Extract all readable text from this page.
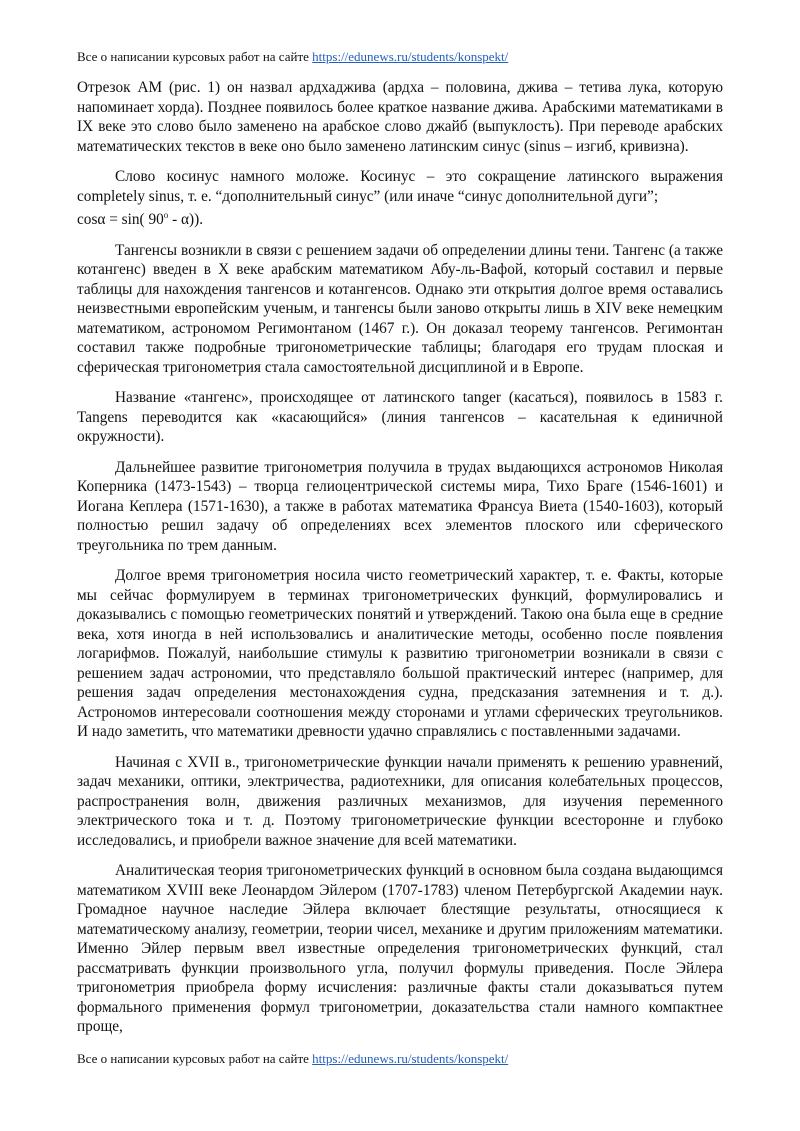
Все о написании курсовых работ на сайте https://edunews.ru/students/konspekt/

Отрезок АМ (рис. 1) он назвал ардхаджива (ардха – половина, джива – тетива лука, которую напоминает хорда). Позднее появилось более краткое название джива. Арабскими математиками в IX веке это слово было заменено на арабское слово джайб (выпуклость). При переводе арабских математических текстов в веке оно было заменено латинским синус (sinus – изгиб, кривизна).

Слово косинус намного моложе. Косинус – это сокращение латинского выражения completely sinus, т. е. “дополнительный синус” (или иначе “синус дополнительной дуги”;
cosα = sin( 90$^o$ - α)).

Тангенсы возникли в связи с решением задачи об определении длины тени. Тангенс (а также котангенс) введен в X веке арабским математиком Абу-ль-Вафой, который составил и первые таблицы для нахождения тангенсов и котангенсов. Однако эти открытия долгое время оставались неизвестными европейским ученым, и тангенсы были заново открыты лишь в XIV веке немецким математиком, астрономом Регимонтаном (1467 г.). Он доказал теорему тангенсов. Регимонтан составил также подробные тригонометрические таблицы; благодаря его трудам плоская и сферическая тригонометрия стала самостоятельной дисциплиной и в Европе.

Название «тангенс», происходящее от латинского tanger (касаться), появилось в 1583 г. Tangens переводится как «касающийся» (линия тангенсов – касательная к единичной окружности).

Дальнейшее развитие тригонометрия получила в трудах выдающихся астрономов Николая Коперника (1473-1543) – творца гелиоцентрической системы мира, Тихо Браге (1546-1601) и Иогана Кеплера (1571-1630), а также в работах математика Франсуа Виета (1540-1603), который полностью решил задачу об определениях всех элементов плоского или сферического треугольника по трем данным.

Долгое время тригонометрия носила чисто геометрический характер, т. е. Факты, которые мы сейчас формулируем в терминах тригонометрических функций, формулировались и доказывались с помощью геометрических понятий и утверждений. Такою она была еще в средние века, хотя иногда в ней использовались и аналитические методы, особенно после появления логарифмов. Пожалуй, наибольшие стимулы к развитию тригонометрии возникали в связи с решением задач астрономии, что представляло большой практический интерес (например, для решения задач определения местонахождения судна, предсказания затемнения и т. д.). Астрономов интересовали соотношения между сторонами и углами сферических треугольников. И надо заметить, что математики древности удачно справлялись с поставленными задачами.

Начиная с XVII в., тригонометрические функции начали применять к решению уравнений, задач механики, оптики, электричества, радиотехники, для описания колебательных процессов, распространения волн, движения различных механизмов, для изучения переменного электрического тока и т. д. Поэтому тригонометрические функции всесторонне и глубоко исследовались, и приобрели важное значение для всей математики.

Аналитическая теория тригонометрических функций в основном была создана выдающимся математиком XVIII веке Леонардом Эйлером (1707-1783) членом Петербургской Академии наук. Громадное научное наследие Эйлера включает блестящие результаты, относящиеся к математическому анализу, геометрии, теории чисел, механике и другим приложениям математики. Именно Эйлер первым ввел известные определения тригонометрических функций, стал рассматривать функции произвольного угла, получил формулы приведения. После Эйлера тригонометрия приобрела форму исчисления: различные факты стали доказываться путем формального применения формул тригонометрии, доказательства стали намного компактнее проще,

Все о написании курсовых работ на сайте https://edunews.ru/students/konspekt/
